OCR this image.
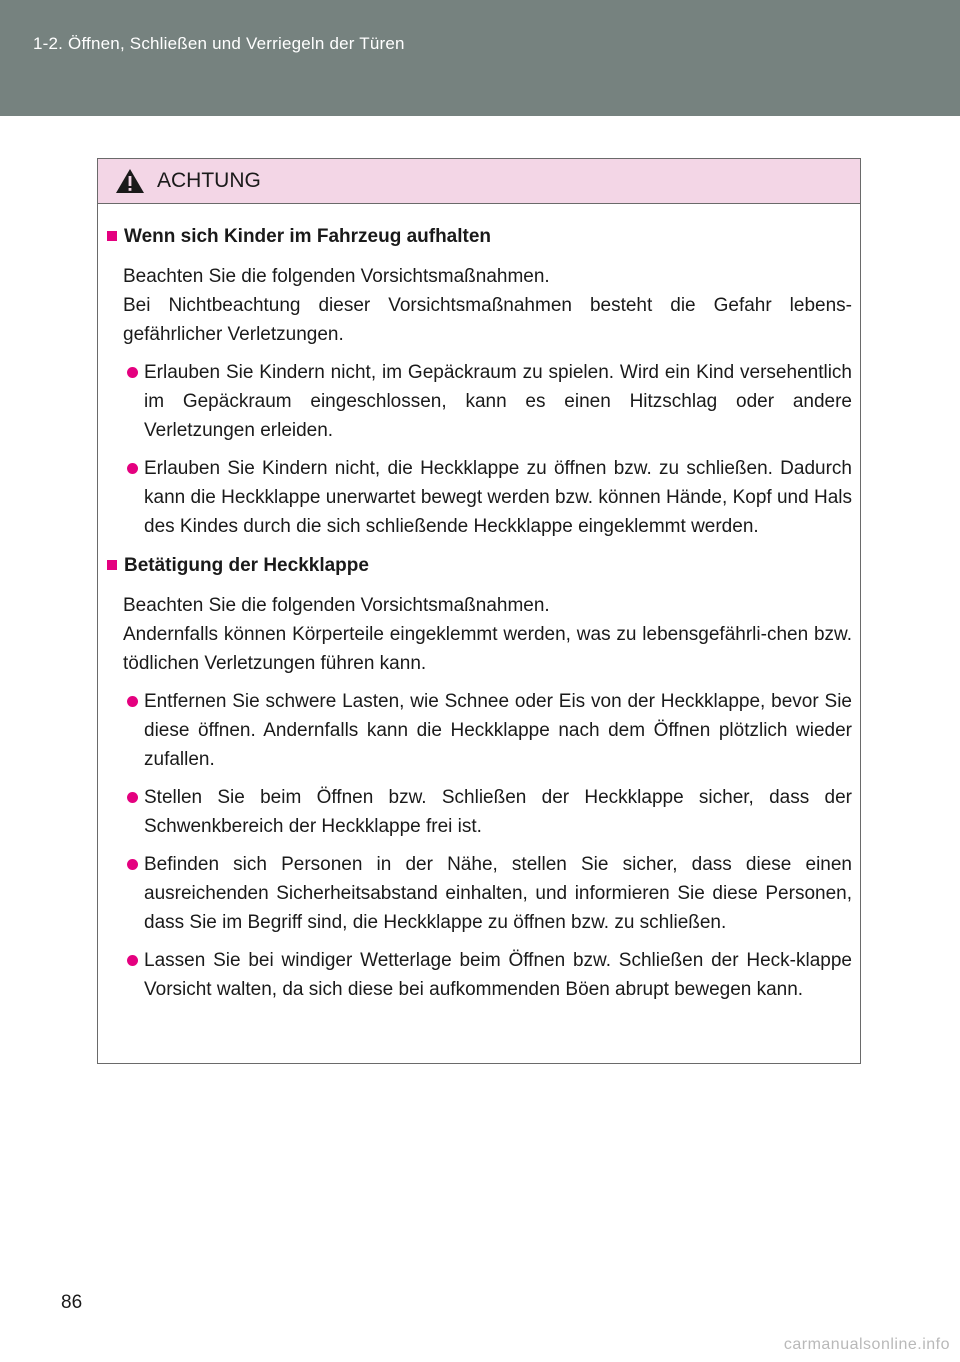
1-2. Öffnen, Schließen und Verriegeln der Türen
ACHTUNG
Wenn sich Kinder im Fahrzeug aufhalten
Beachten Sie die folgenden Vorsichtsmaßnahmen.
Bei Nichtbeachtung dieser Vorsichtsmaßnahmen besteht die Gefahr lebens-gefährlicher Verletzungen.
Erlauben Sie Kindern nicht, im Gepäckraum zu spielen. Wird ein Kind versehentlich im Gepäckraum eingeschlossen, kann es einen Hitzschlag oder andere Verletzungen erleiden.
Erlauben Sie Kindern nicht, die Heckklappe zu öffnen bzw. zu schließen. Dadurch kann die Heckklappe unerwartet bewegt werden bzw. können Hände, Kopf und Hals des Kindes durch die sich schließende Heckklappe eingeklemmt werden.
Betätigung der Heckklappe
Beachten Sie die folgenden Vorsichtsmaßnahmen.
Andernfalls können Körperteile eingeklemmt werden, was zu lebensgefährli-chen bzw. tödlichen Verletzungen führen kann.
Entfernen Sie schwere Lasten, wie Schnee oder Eis von der Heckklappe, bevor Sie diese öffnen. Andernfalls kann die Heckklappe nach dem Öffnen plötzlich wieder zufallen.
Stellen Sie beim Öffnen bzw. Schließen der Heckklappe sicher, dass der Schwenkbereich der Heckklappe frei ist.
Befinden sich Personen in der Nähe, stellen Sie sicher, dass diese einen ausreichenden Sicherheitsabstand einhalten, und informieren Sie diese Personen, dass Sie im Begriff sind, die Heckklappe zu öffnen bzw. zu schließen.
Lassen Sie bei windiger Wetterlage beim Öffnen bzw. Schließen der Heck-klappe Vorsicht walten, da sich diese bei aufkommenden Böen abrupt bewegen kann.
86
carmanualsonline.info
